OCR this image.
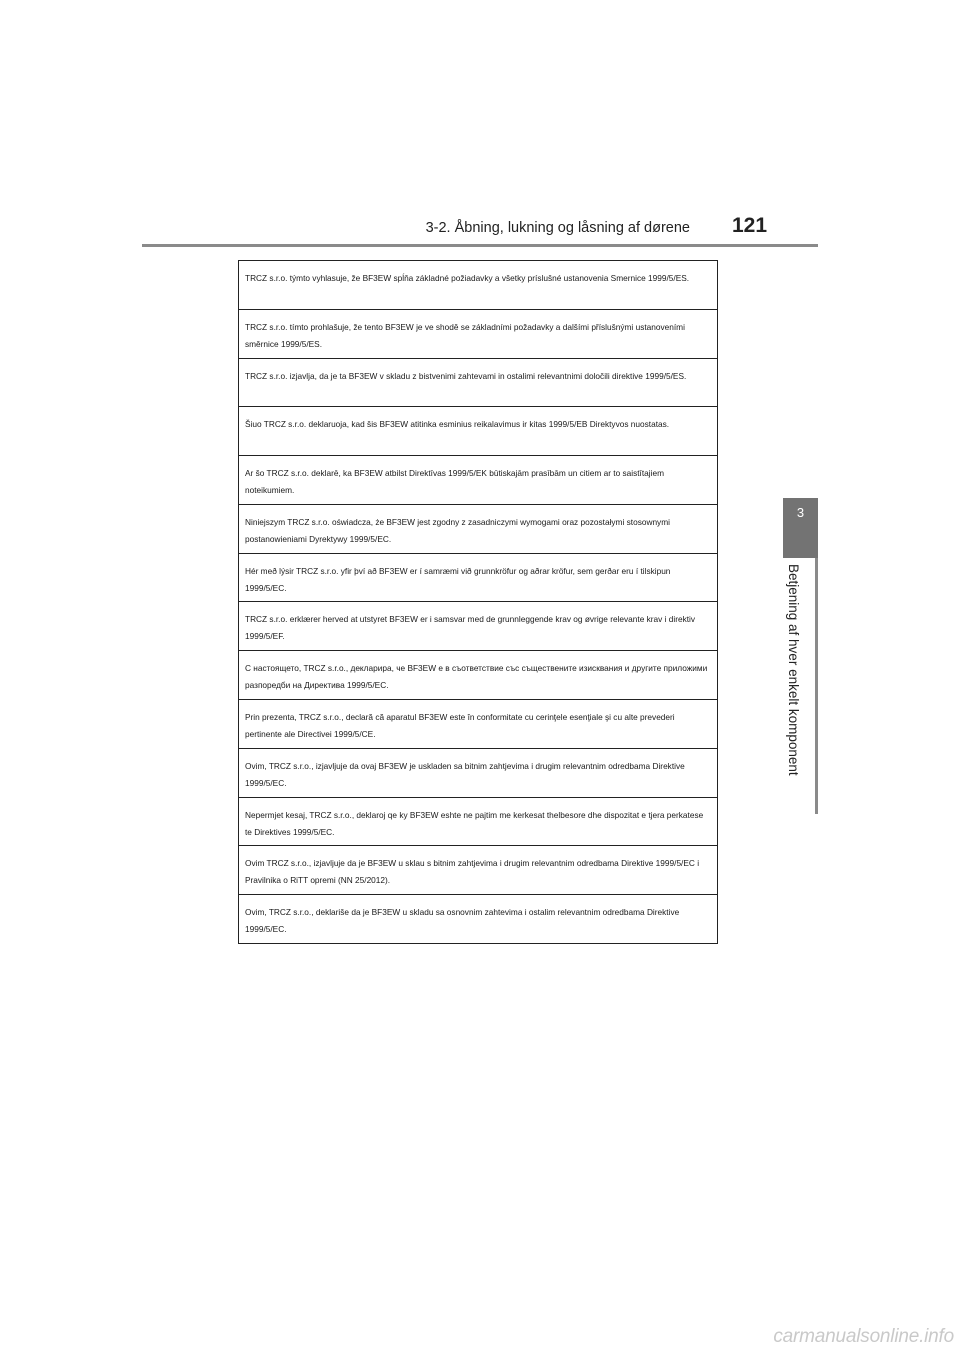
3-2. Åbning, lukning og låsning af dørene 121
3
Betjening af hver enkelt komponent
TRCZ s.r.o. týmto vyhlasuje, že BF3EW spĺňa základné požiadavky a všetky príslušné ustanovenia Smernice 1999/5/ES.
TRCZ s.r.o. tímto prohlašuje, že tento BF3EW je ve shodě se základními požadavky a dalšími příslušnými ustanoveními směrnice 1999/5/ES.
TRCZ s.r.o. izjavlja, da je ta BF3EW v skladu z bistvenimi zahtevami in ostalimi relevantnimi določili direktive 1999/5/ES.
Šiuo TRCZ s.r.o. deklaruoja, kad šis BF3EW atitinka esminius reikalavimus ir kitas 1999/5/EB Direktyvos nuostatas.
Ar šo TRCZ s.r.o. deklarē, ka BF3EW atbilst Direktīvas 1999/5/EK būtiskajām prasībām un citiem ar to saistītajiem noteikumiem.
Niniejszym TRCZ s.r.o. oświadcza, że BF3EW jest zgodny z zasadniczymi wymogami oraz pozostałymi stosownymi postanowieniami Dyrektywy 1999/5/EC.
Hér með lýsir TRCZ s.r.o. yfir því að BF3EW er í samræmi við grunnkröfur og aðrar kröfur, sem gerðar eru í tilskipun 1999/5/EC.
TRCZ s.r.o. erklærer herved at utstyret BF3EW er i samsvar med de grunnleggende krav og øvrige relevante krav i direktiv 1999/5/EF.
С настоящето, TRCZ s.r.o., декларира, че BF3EW е в съответствие със съществените изисквания и другите приложими разпоредби на Директива 1999/5/EC.
Prin prezenta, TRCZ s.r.o., declară că aparatul BF3EW este în conformitate cu cerinţele esenţiale şi cu alte prevederi pertinente ale Directivei 1999/5/CE.
Ovim, TRCZ s.r.o., izjavljuje da ovaj BF3EW je uskladen sa bitnim zahtjevima i drugim relevantnim odredbama Direktive 1999/5/EC.
Nepermjet kesaj, TRCZ s.r.o., deklaroj qe ky BF3EW eshte ne pajtim me kerkesat thelbesore dhe dispozitat e tjera perkatese te Direktives 1999/5/EC.
Ovim TRCZ s.r.o., izjavljuje da je BF3EW u sklau s bitnim zahtjevima i drugim relevantnim odredbama Direktive 1999/5/EC i Pravilnika o RiTT opremi (NN 25/2012).
Ovim, TRCZ s.r.o., deklariše da je BF3EW u skladu sa osnovnim zahtevima i ostalim relevantnim odredbama Direktive 1999/5/EC.
carmanualsonline.info
